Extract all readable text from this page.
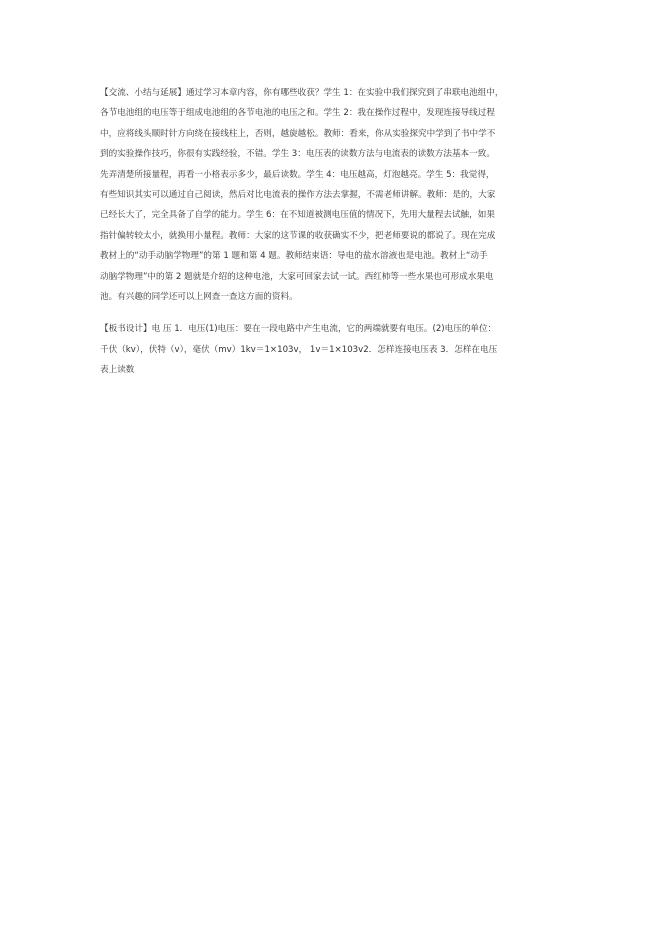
【交流、小结与延展】通过学习本章内容，你有哪些收获？学生 1：在实验中我们探究到了串联电池组中，
各节电池组的电压等于组成电池组的各节电池的电压之和。学生 2：我在操作过程中，发现连接导线过程
中，应将线头顺时针方向绕在接线柱上，否则，越旋越松。教师：看来，你从实验探究中学到了书中学不
到的实验操作技巧，你很有实践经验，不错。学生 3：电压表的读数方法与电流表的读数方法基本一致。
先弄清楚所接量程，再看一小格表示多少，最后读数。学生 4：电压越高，灯泡越亮。学生 5：我觉得，
有些知识其实可以通过自己阅读，然后对比电流表的操作方法去掌握，不需老师讲解。教师：是的，大家
已经长大了，完全具备了自学的能力。学生 6：在不知道被测电压值的情况下，先用大量程去试触，如果
指针偏转较太小，就换用小量程。教师：大家的这节课的收获确实不少，把老师要说的都说了。现在完成
教材上的“动手动脑学物理”的第 1 题和第 4 题。教师结束语：导电的盐水溶液也是电池。教材上“动手
动脑学物理”中的第 2 题就是介绍的这种电池，大家可回家去试一试。西红柿等一些水果也可形成水果电
池。有兴趣的同学还可以上网查一查这方面的资料。
【板书设计】电 压 1．电压(1)电压：要在一段电路中产生电流，它的两端就要有电压。(2)电压的单位：
千伏（kv），伏特（v），毫伏（mv）1kv＝1×103v， 1v＝1×103v2．怎样连接电压表 3．怎样在电压
表上读数
